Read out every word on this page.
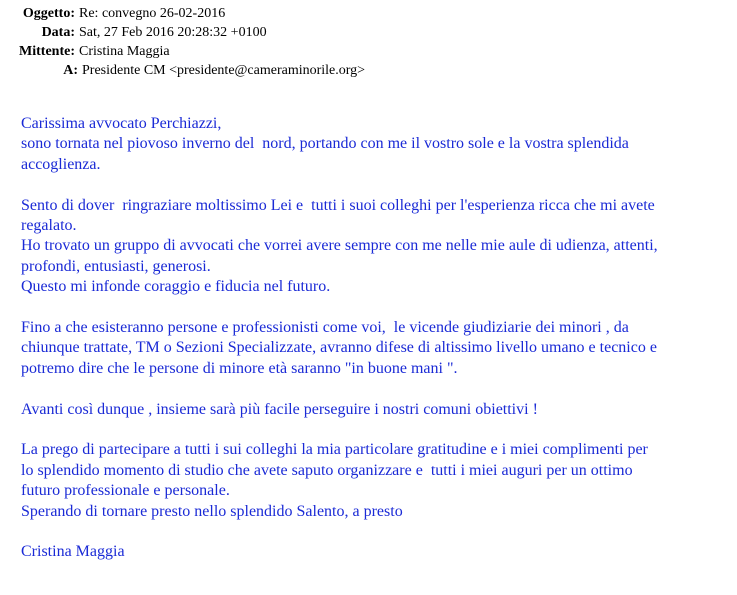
Oggetto: Re: convegno 26-02-2016
Data: Sat, 27 Feb 2016 20:28:32 +0100
Mittente: Cristina Maggia
A: Presidente CM <presidente@cameraminorile.org>
Carissima avvocato Perchiazzi,
sono tornata nel piovoso inverno del  nord, portando con me il vostro sole e la vostra splendida
accoglienza.
Sento di dover  ringraziare moltissimo Lei e  tutti i suoi colleghi per l'esperienza ricca che mi avete
regalato.
Ho trovato un gruppo di avvocati che vorrei avere sempre con me nelle mie aule di udienza, attenti,
profondi, entusiasti, generosi.
Questo mi infonde coraggio e fiducia nel futuro.
Fino a che esisteranno persone e professionisti come voi,  le vicende giudiziarie dei minori , da
chiunque trattate, TM o Sezioni Specializzate, avranno difese di altissimo livello umano e tecnico e
potremo dire che le persone di minore età saranno "in buone mani ".
Avanti così dunque , insieme sarà più facile perseguire i nostri comuni obiettivi !
La prego di partecipare a tutti i sui colleghi la mia particolare gratitudine e i miei complimenti per
lo splendido momento di studio che avete saputo organizzare e  tutti i miei auguri per un ottimo
futuro professionale e personale.
Sperando di tornare presto nello splendido Salento, a presto
Cristina Maggia
